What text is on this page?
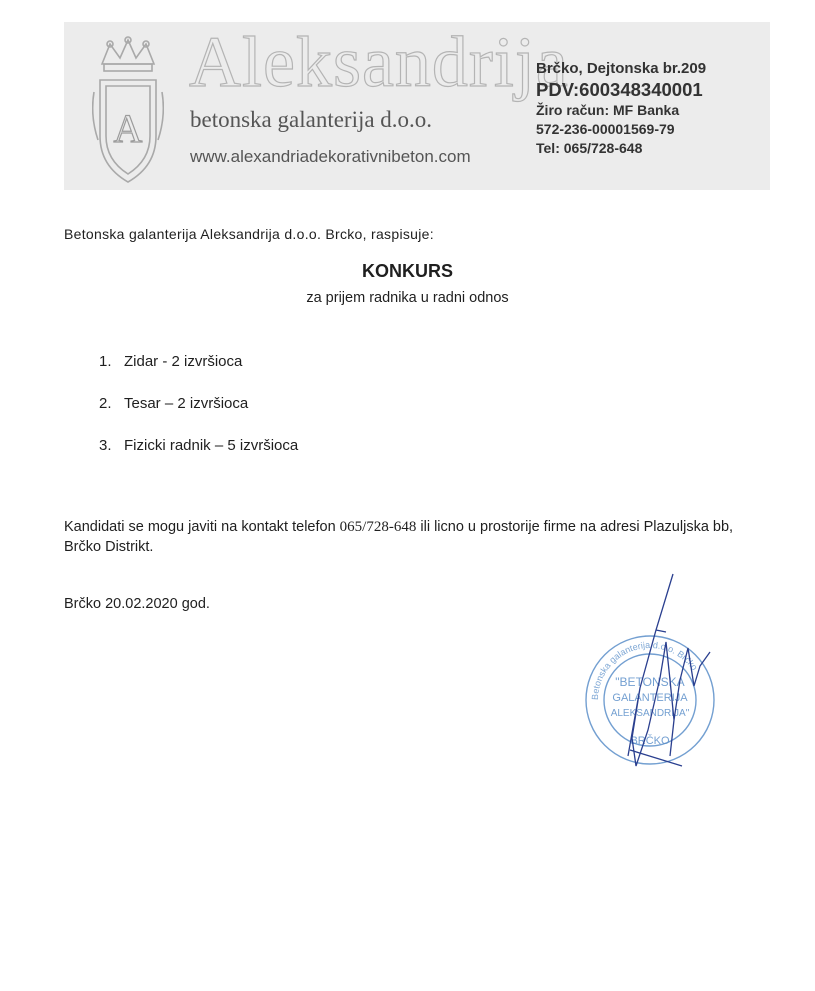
A
Aleksandrija
betonska galanterija d.o.o.
www.alexandriadekorativnibeton.com
Brčko, Dejtonska br.209
PDV:600348340001
Žiro račun: MF Banka
572-236-00001569-79
Tel: 065/728-648
Betonska galanterija Aleksandrija d.o.o. Brcko, raspisuje:
KONKURS
za prijem radnika u radni odnos
1. Zidar - 2 izvršioca
2. Tesar – 2 izvršioca
3. Fizicki radnik – 5 izvršioca
Kandidati se mogu javiti na kontakt telefon 065/728-648 ili licno u prostorije firme na adresi Plazuljska bb, Brčko Distrikt.
Brčko 20.02.2020 god.
Betonska galanterija d.o.o. Brčko
"BETONSKA
GALANTERIJA
ALEKSANDRIJA"
BRČKO
